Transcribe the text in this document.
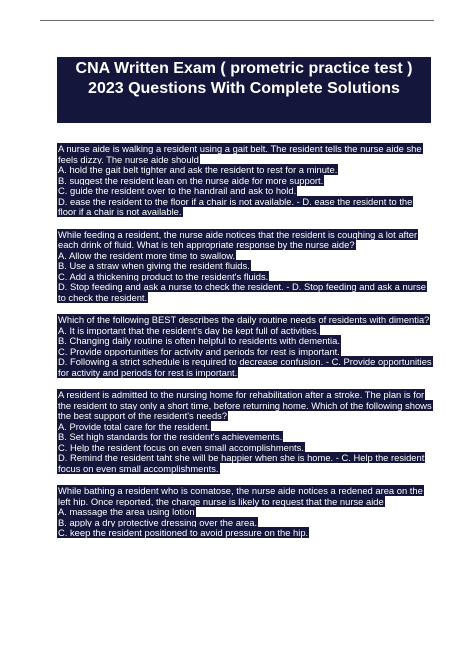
CNA Written Exam ( prometric practice test ) 2023 Questions With Complete Solutions
A nurse aide is walking a resident using a gait belt. The resident tells the nurse aide she feels dizzy. The nurse aide should
A. hold the gait belt tighter and ask the resident to rest for a minute.
B. suggest the resident lean on the nurse aide for more support.
C. guide the resident over to the handrail and ask to hold.
D. ease the resident to the floor if a chair is not available. - D. ease the resident to the floor if a chair is not available.
While feeding a resident, the nurse aide notices that the resident is coughing a lot after each drink of fluid. What is teh appropriate response by the nurse aide?
A. Allow the resident more time to swallow.
B. Use a straw when giving the resident fluids.
C. Add a thickening product to the resident's fluids.
D. Stop feeding and ask a nurse to check the resident. - D. Stop feeding and ask a nurse to check the resident.
Which of the following BEST describes the daily routine needs of residents with dimentia?
A. It is important that the resident's day be kept full of activities.
B. Changing daily routine is often helpful to residents with dementia.
C. Provide opportunities for activity and periods for rest is important.
D. Following a strict schedule is required to decrease confusion. - C. Provide opportunities for activity and periods for rest is important.
A resident is admitted to the nursing home for rehabilitation after a stroke. The plan is for the resident to stay only a short time, before returning home. Which of the following shows the best support of the resident's needs?
A. Provide total care for the resident.
B. Set high standards for the resident's achievements.
C. Help the resident focus on even small accomplishments.
D. Remind the resident taht she will be happier when she is home. - C. Help the resident focus on even small accomplishments.
While bathing a resident who is comatose, the nurse aide notices a redened area on the left hip. Once reported, the charge nurse is likely to request that the nurse aide
A. massage the area using lotion
B. apply a dry protective dressing over the area.
C. keep the resident positioned to avoid pressure on the hip.
